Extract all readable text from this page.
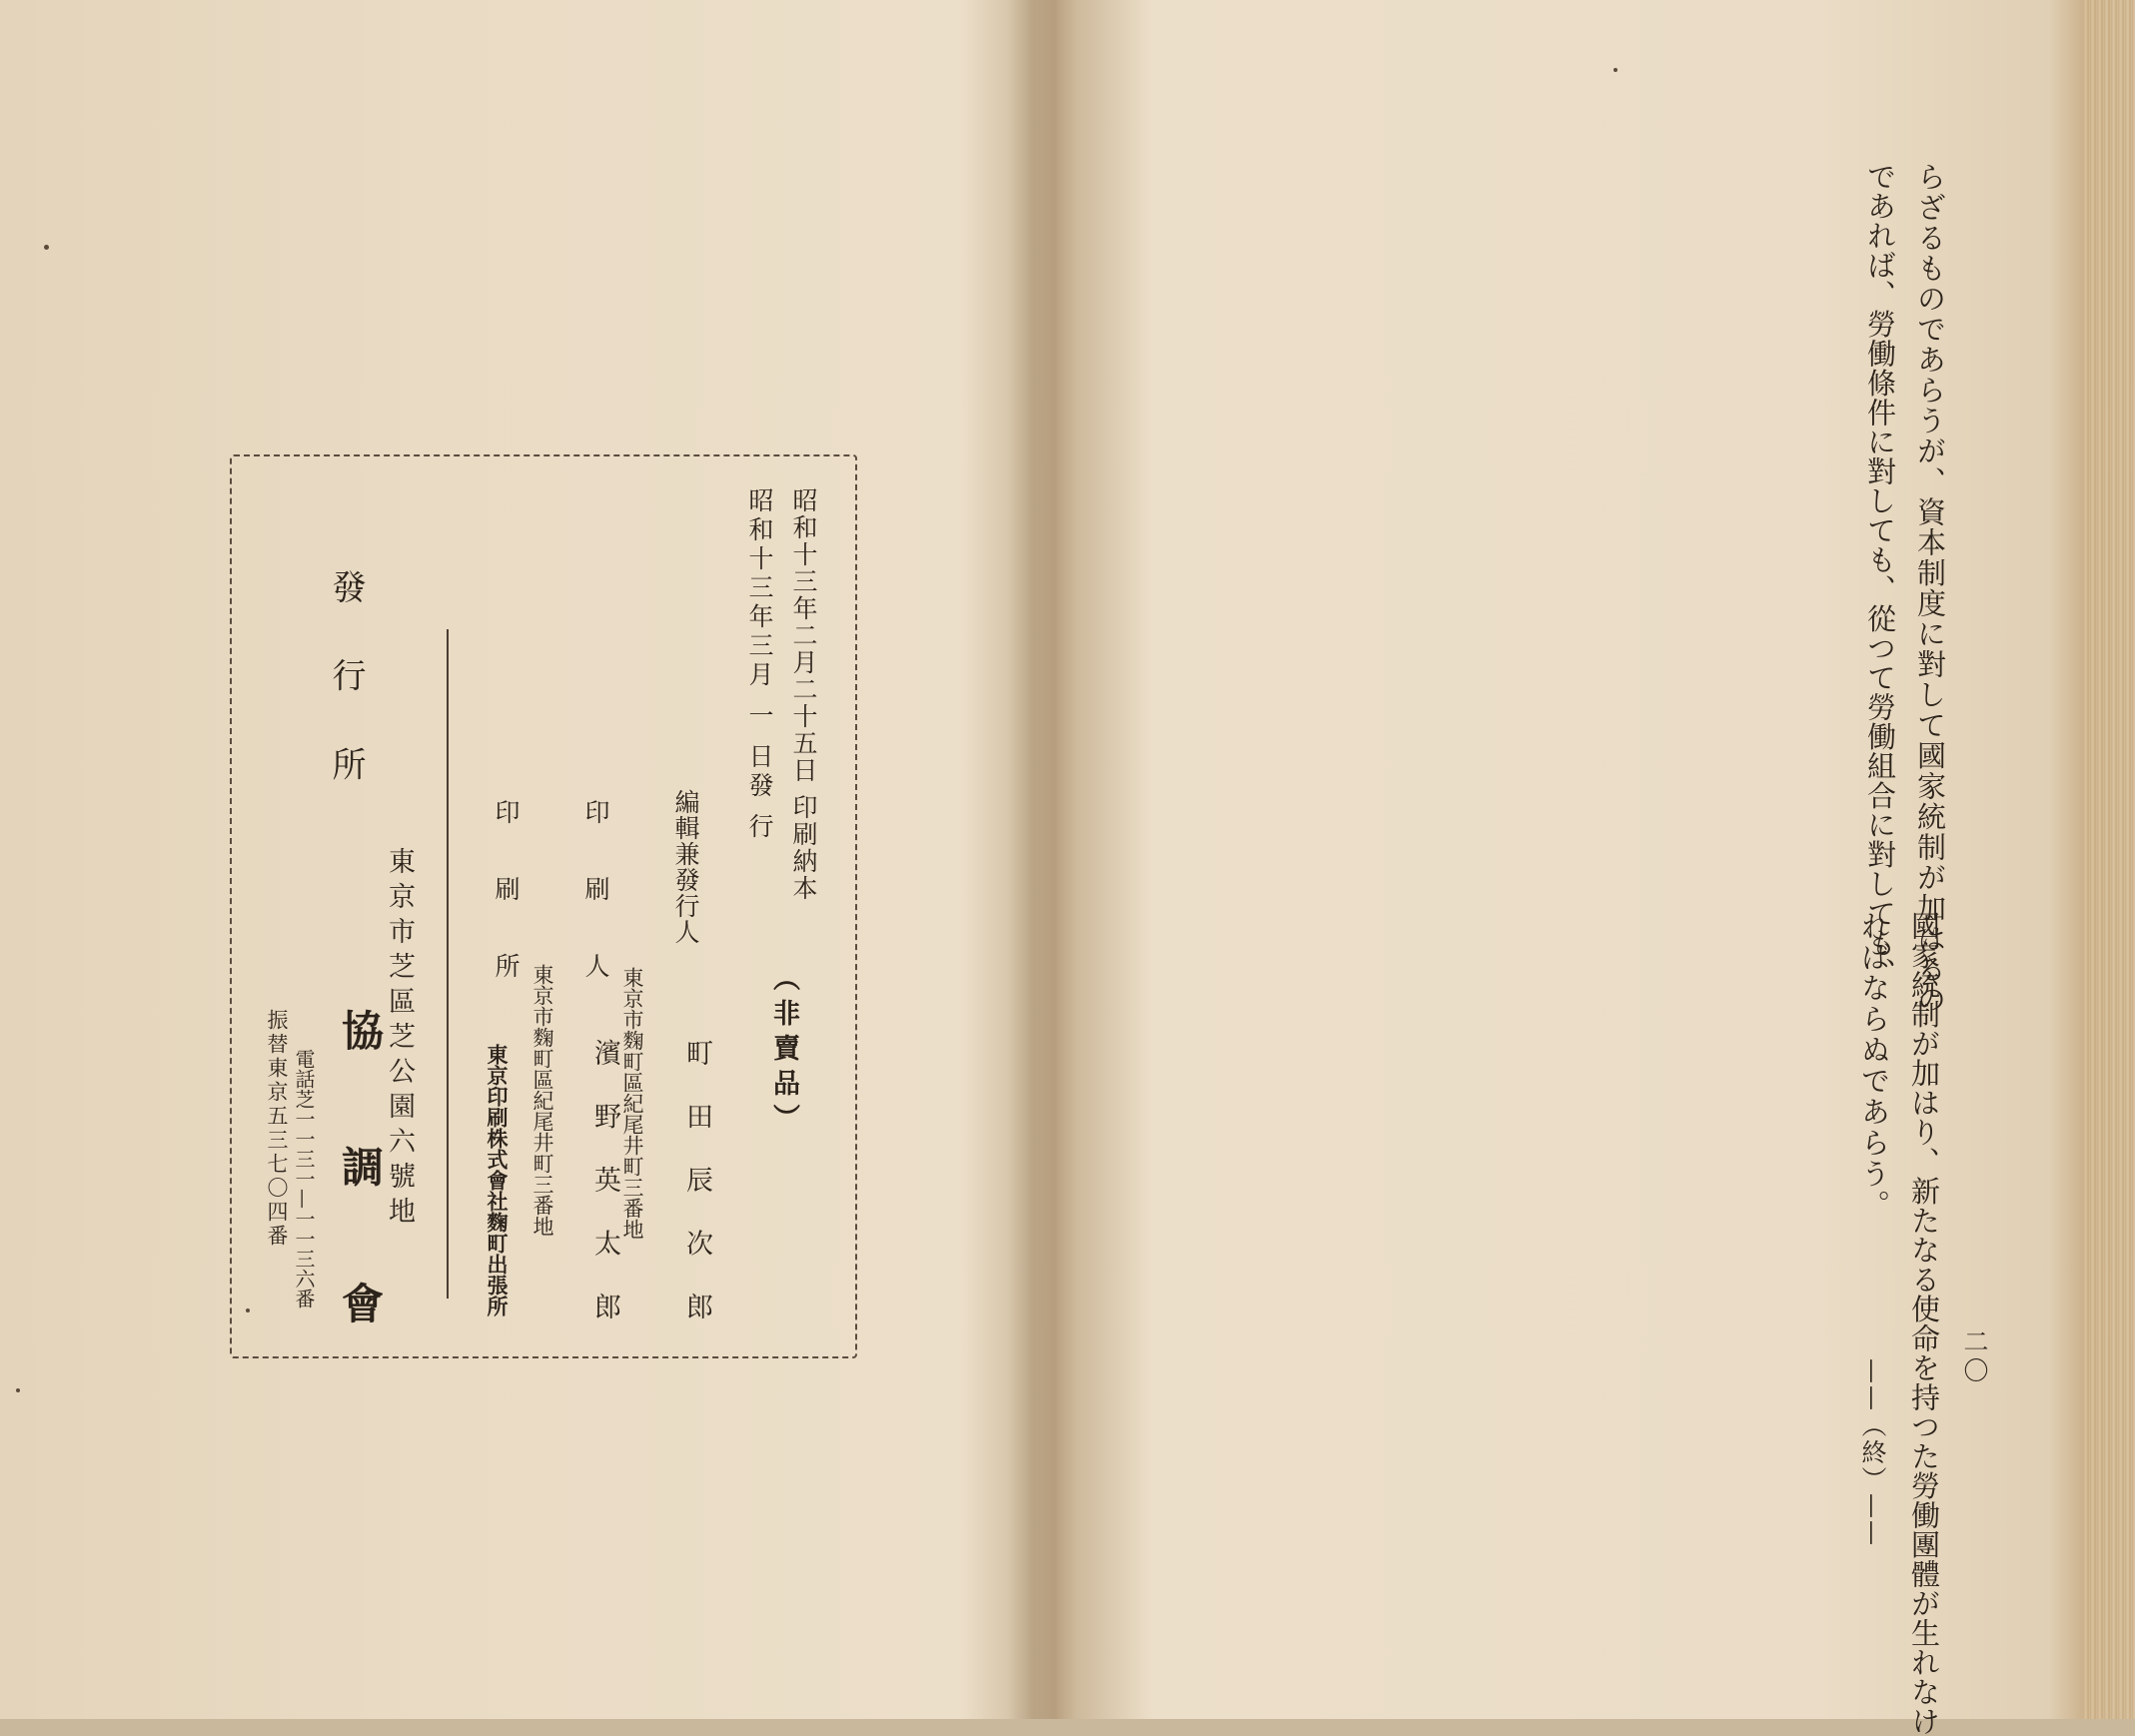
昭和十三年二月二十五日 印刷納本
昭和十三年三月 一 日發 行
（非賣品）
編輯兼發行人
東京市麴町區紀尾井町三番地 町 田 辰 次 郎
印 刷 人
東京市麴町區紀尾井町三番地 濱 野 英 太 郎
印 刷 所
東京印刷株式會社麴町出張所
發 行 所
東京市芝區芝公園六號地
協 調 會
電話芝一一三一—一一三六番
振替東京五三七〇四番
らざるものであらうが、資本制度に對して國家統制が加はるの
であれば、勞働條件に對しても、從つて勞働組合に對しても、
國家統制が加はり、新たなる使命を持つた勞働團體が生れなけ
ればならぬであらう。
——（終）——
二〇
